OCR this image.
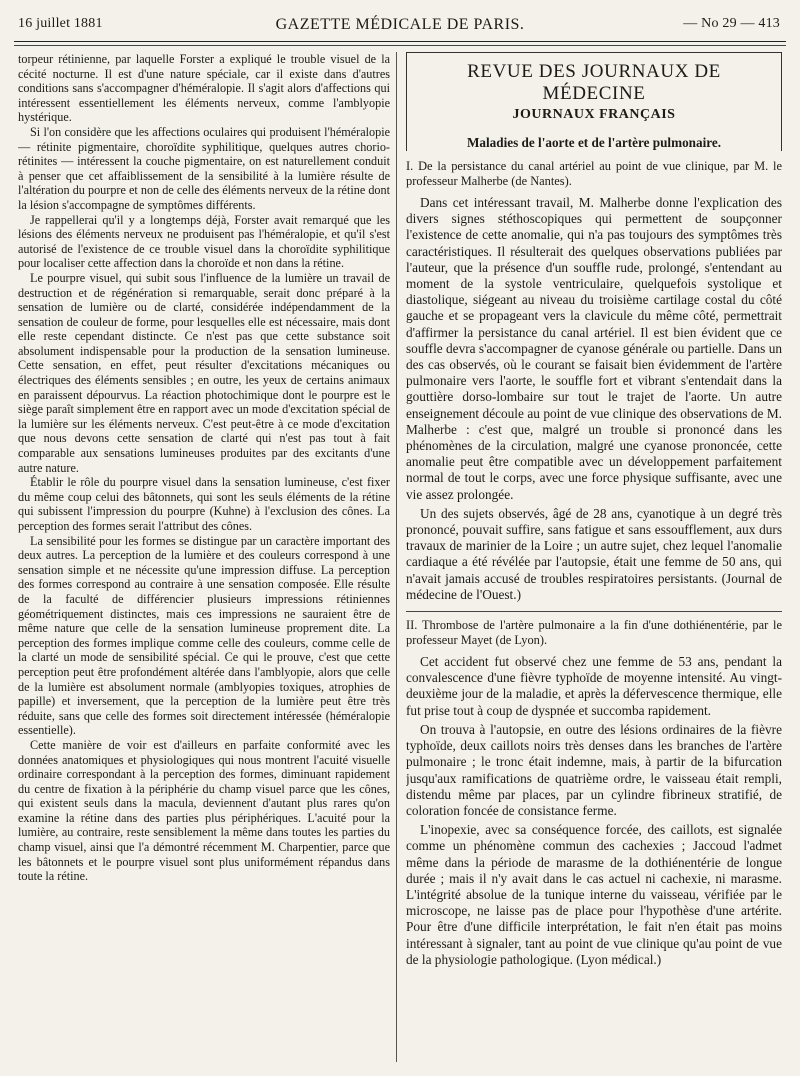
16 juillet 1881	GAZETTE MÉDICALE DE PARIS.	— No 29 — 413

torpeur rétinienne, par laquelle Forster a expliqué le trouble visuel de la cécité nocturne. Il est d'une nature spéciale, car il existe dans d'autres conditions sans s'accompagner d'héméralopie. Il s'agit alors d'affections qui intéressent essentiellement les éléments nerveux, comme l'amblyopie hystérique.

Si l'on considère que les affections oculaires qui produisent l'héméralopie — rétinite pigmentaire, choroïdite syphilitique, quelques autres chorio-rétinites — intéressent la couche pigmentaire, on est naturellement conduit à penser que cet affaiblissement de la sensibilité à la lumière résulte de l'altération du pourpre et non de celle des éléments nerveux de la rétine dont la lésion s'accompagne de symptômes différents.

Je rappellerai qu'il y a longtemps déjà, Forster avait remarqué que les lésions des éléments nerveux ne produisent pas l'héméralopie, et qu'il s'est autorisé de l'existence de ce trouble visuel dans la choroïdite syphilitique pour localiser cette affection dans la choroïde et non dans la rétine.

Le pourpre visuel, qui subit sous l'influence de la lumière un travail de destruction et de régénération si remarquable, serait donc préparé à la sensation de lumière ou de clarté, considérée indépendamment de la sensation de couleur de forme, pour lesquelles elle est nécessaire, mais dont elle reste cependant distincte. Ce n'est pas que cette substance soit absolument indispensable pour la production de la sensation lumineuse. Cette sensation, en effet, peut résulter d'excitations mécaniques ou électriques des éléments sensibles ; en outre, les yeux de certains animaux en paraissent dépourvus. La réaction photochimique dont le pourpre est le siège paraît simplement être en rapport avec un mode d'excitation spécial de la lumière sur les éléments nerveux. C'est peut-être à ce mode d'excitation que nous devons cette sensation de clarté qui n'est pas tout à fait comparable aux sensations lumineuses produites par des excitants d'une autre nature.

Établir le rôle du pourpre visuel dans la sensation lumineuse, c'est fixer du même coup celui des bâtonnets, qui sont les seuls éléments de la rétine qui subissent l'impression du pourpre (Kuhne) à l'exclusion des cônes. La perception des formes serait l'attribut des cônes.

La sensibilité pour les formes se distingue par un caractère important des deux autres. La perception de la lumière et des couleurs correspond à une sensation simple et ne nécessite qu'une impression diffuse. La perception des formes correspond au contraire à une sensation composée. Elle résulte de la faculté de différencier plusieurs impressions rétiniennes géométriquement distinctes, mais ces impressions ne sauraient être de même nature que celle de la sensation lumineuse proprement dite. La perception des formes implique comme celle des couleurs, comme celle de la clarté un mode de sensibilité spécial. Ce qui le prouve, c'est que cette perception peut être profondément altérée dans l'amblyopie, alors que celle de la lumière est absolument normale (amblyopies toxiques, atrophies de papille) et inversement, que la perception de la lumière peut être très réduite, sans que celle des formes soit directement intéressée (héméralopie essentielle).

Cette manière de voir est d'ailleurs en parfaite conformité avec les données anatomiques et physiologiques qui nous montrent l'acuité visuelle ordinaire correspondant à la perception des formes, diminuant rapidement du centre de fixation à la périphérie du champ visuel parce que les cônes, qui existent seuls dans la macula, deviennent d'autant plus rares qu'on examine la rétine dans des parties plus périphériques. L'acuité pour la lumière, au contraire, reste sensiblement la même dans toutes les parties du champ visuel, ainsi que l'a démontré récemment M. Charpentier, parce que les bâtonnets et le pourpre visuel sont plus uniformément répandus dans toute la rétine.

REVUE DES JOURNAUX DE MÉDECINE
JOURNAUX FRANÇAIS
Maladies de l'aorte et de l'artère pulmonaire.
I. De la persistance du canal artériel au point de vue clinique, par M. le professeur Malherbe (de Nantes).

Dans cet intéressant travail, M. Malherbe donne l'explication des divers signes stéthoscopiques qui permettent de soupçonner l'existence de cette anomalie, qui n'a pas toujours des symptômes très caractéristiques. Il résulterait des quelques observations publiées par l'auteur, que la présence d'un souffle rude, prolongé, s'entendant au moment de la systole ventriculaire, quelquefois systolique et diastolique, siégeant au niveau du troisième cartilage costal du côté gauche et se propageant vers la clavicule du même côté, permettrait d'affirmer la persistance du canal artériel. Il est bien évident que ce souffle devra s'accompagner de cyanose générale ou partielle. Dans un des cas observés, où le courant se faisait bien évidemment de l'artère pulmonaire vers l'aorte, le souffle fort et vibrant s'entendait dans la gouttière dorso-lombaire sur tout le trajet de l'aorte. Un autre enseignement découle au point de vue clinique des observations de M. Malherbe : c'est que, malgré un trouble si prononcé dans les phénomènes de la circulation, malgré une cyanose prononcée, cette anomalie peut être compatible avec un développement parfaitement normal de tout le corps, avec une force physique suffisante, avec une vie assez prolongée.

Un des sujets observés, âgé de 28 ans, cyanotique à un degré très prononcé, pouvait suffire, sans fatigue et sans essoufflement, aux durs travaux de marinier de la Loire ; un autre sujet, chez lequel l'anomalie cardiaque a été révélée par l'autopsie, était une femme de 50 ans, qui n'avait jamais accusé de troubles respiratoires persistants. (Journal de médecine de l'Ouest.)

II. Thrombose de l'artère pulmonaire a la fin d'une dothiénentérie, par le professeur Mayet (de Lyon).

Cet accident fut observé chez une femme de 53 ans, pendant la convalescence d'une fièvre typhoïde de moyenne intensité. Au vingt-deuxième jour de la maladie, et après la défervescence thermique, elle fut prise tout à coup de dyspnée et succomba rapidement.

On trouva à l'autopsie, en outre des lésions ordinaires de la fièvre typhoïde, deux caillots noirs très denses dans les branches de l'artère pulmonaire ; le tronc était indemne, mais, à partir de la bifurcation jusqu'aux ramifications de quatrième ordre, le vaisseau était rempli, distendu même par places, par un cylindre fibrineux stratifié, de coloration foncée de consistance ferme.

L'inopexie, avec sa conséquence forcée, des caillots, est signalée comme un phénomène commun des cachexies ; Jaccoud l'admet même dans la période de marasme de la dothiénentérie de longue durée ; mais il n'y avait dans le cas actuel ni cachexie, ni marasme. L'intégrité absolue de la tunique interne du vaisseau, vérifiée par le microscope, ne laisse pas de place pour l'hypothèse d'une artérite. Pour être d'une difficile interprétation, le fait n'en était pas moins intéressant à signaler, tant au point de vue clinique qu'au point de vue de la physiologie pathologique. (Lyon médical.)
